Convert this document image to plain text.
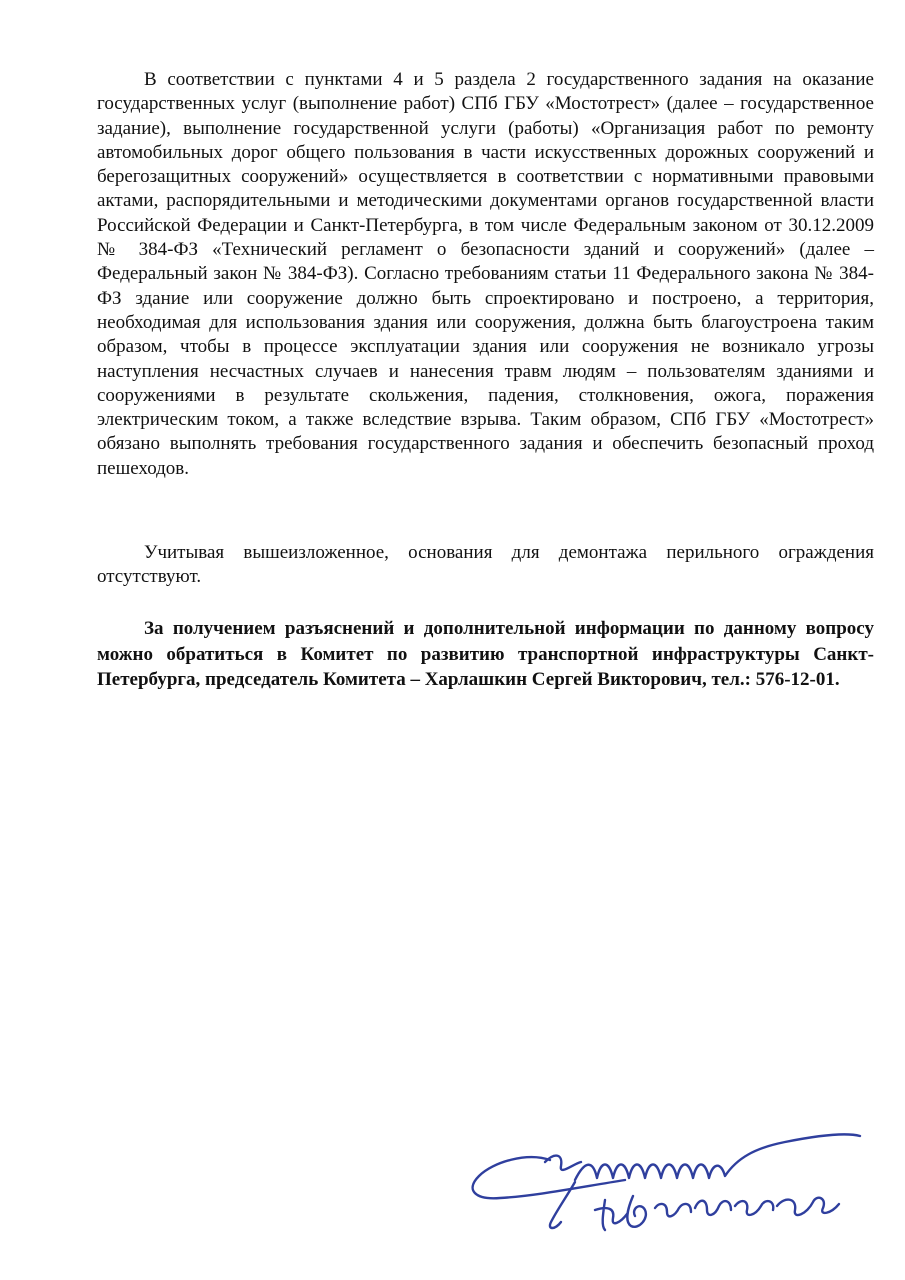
В соответствии с пунктами 4 и 5 раздела 2 государственного задания на оказание государственных услуг (выполнение работ) СПб ГБУ «Мостотрест» (далее – государственное задание), выполнение государственной услуги (работы) «Организация работ по ремонту автомобильных дорог общего пользования в части искусственных дорожных сооружений и берегозащитных сооружений» осуществляется в соответствии с нормативными правовыми актами, распорядительными и методическими документами органов государственной власти Российской Федерации и Санкт-Петербурга, в том числе Федеральным законом от 30.12.2009 № 384-ФЗ «Технический регламент о безопасности зданий и сооружений» (далее – Федеральный закон № 384-ФЗ). Согласно требованиям статьи 11 Федерального закона № 384-ФЗ здание или сооружение должно быть спроектировано и построено, а территория, необходимая для использования здания или сооружения, должна быть благоустроена таким образом, чтобы в процессе эксплуатации здания или сооружения не возникало угрозы наступления несчастных случаев и нанесения травм людям – пользователям зданиями и сооружениями в результате скольжения, падения, столкновения, ожога, поражения электрическим током, а также вследствие взрыва. Таким образом, СПб ГБУ «Мостотрест» обязано выполнять требования государственного задания и обеспечить безопасный проход пешеходов.

Учитывая вышеизложенное, основания для демонтажа перильного ограждения отсутствуют.

За получением разъяснений и дополнительной информации по данному вопросу можно обратиться в Комитет по развитию транспортной инфраструктуры Санкт-Петербурга, председатель Комитета – Харлашкин Сергей Викторович, тел.: 576-12-01.
